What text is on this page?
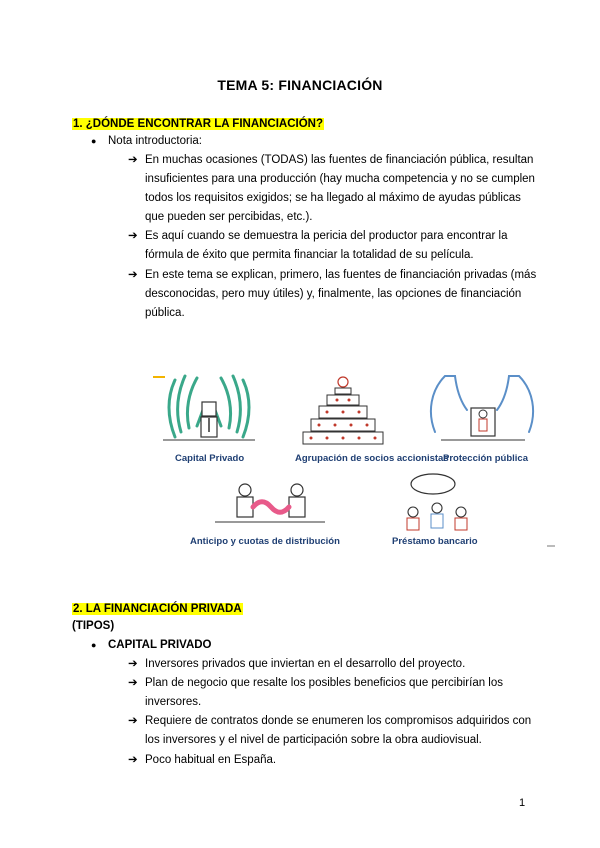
TEMA 5: FINANCIACIÓN
1. ¿DÓNDE ENCONTRAR LA FINANCIACIÓN?
● Nota introductoria:
➔ En muchas ocasiones (TODAS) las fuentes de financiación pública, resultan
insuficientes para una producción (hay mucha competencia y no se cumplen
todos los requisitos exigidos; se ha llegado al máximo de ayudas públicas
que pueden ser percibidas, etc.).
➔ Es aquí cuando se demuestra la pericia del productor para encontrar la
fórmula de éxito que permita financiar la totalidad de su película.
➔ En este tema se explican, primero, las fuentes de financiación privadas (más
desconocidas, pero muy útiles) y, finalmente, las opciones de financiación
pública.
Capital Privado	Agrupación de socios accionistas
Protección pública
Anticipo y cuotas de distribución	Préstamo bancario
2. LA FINANCIACIÓN PRIVADA
(TIPOS)
● CAPITAL PRIVADO
➔ Inversores privados que inviertan en el desarrollo del proyecto.
➔ Plan de negocio que resalte los posibles beneficios que percibirían los
inversores.
➔ Requiere de contratos donde se enumeren los compromisos adquiridos con
los inversores y el nivel de participación sobre la obra audiovisual.
➔ Poco habitual en España.
1
